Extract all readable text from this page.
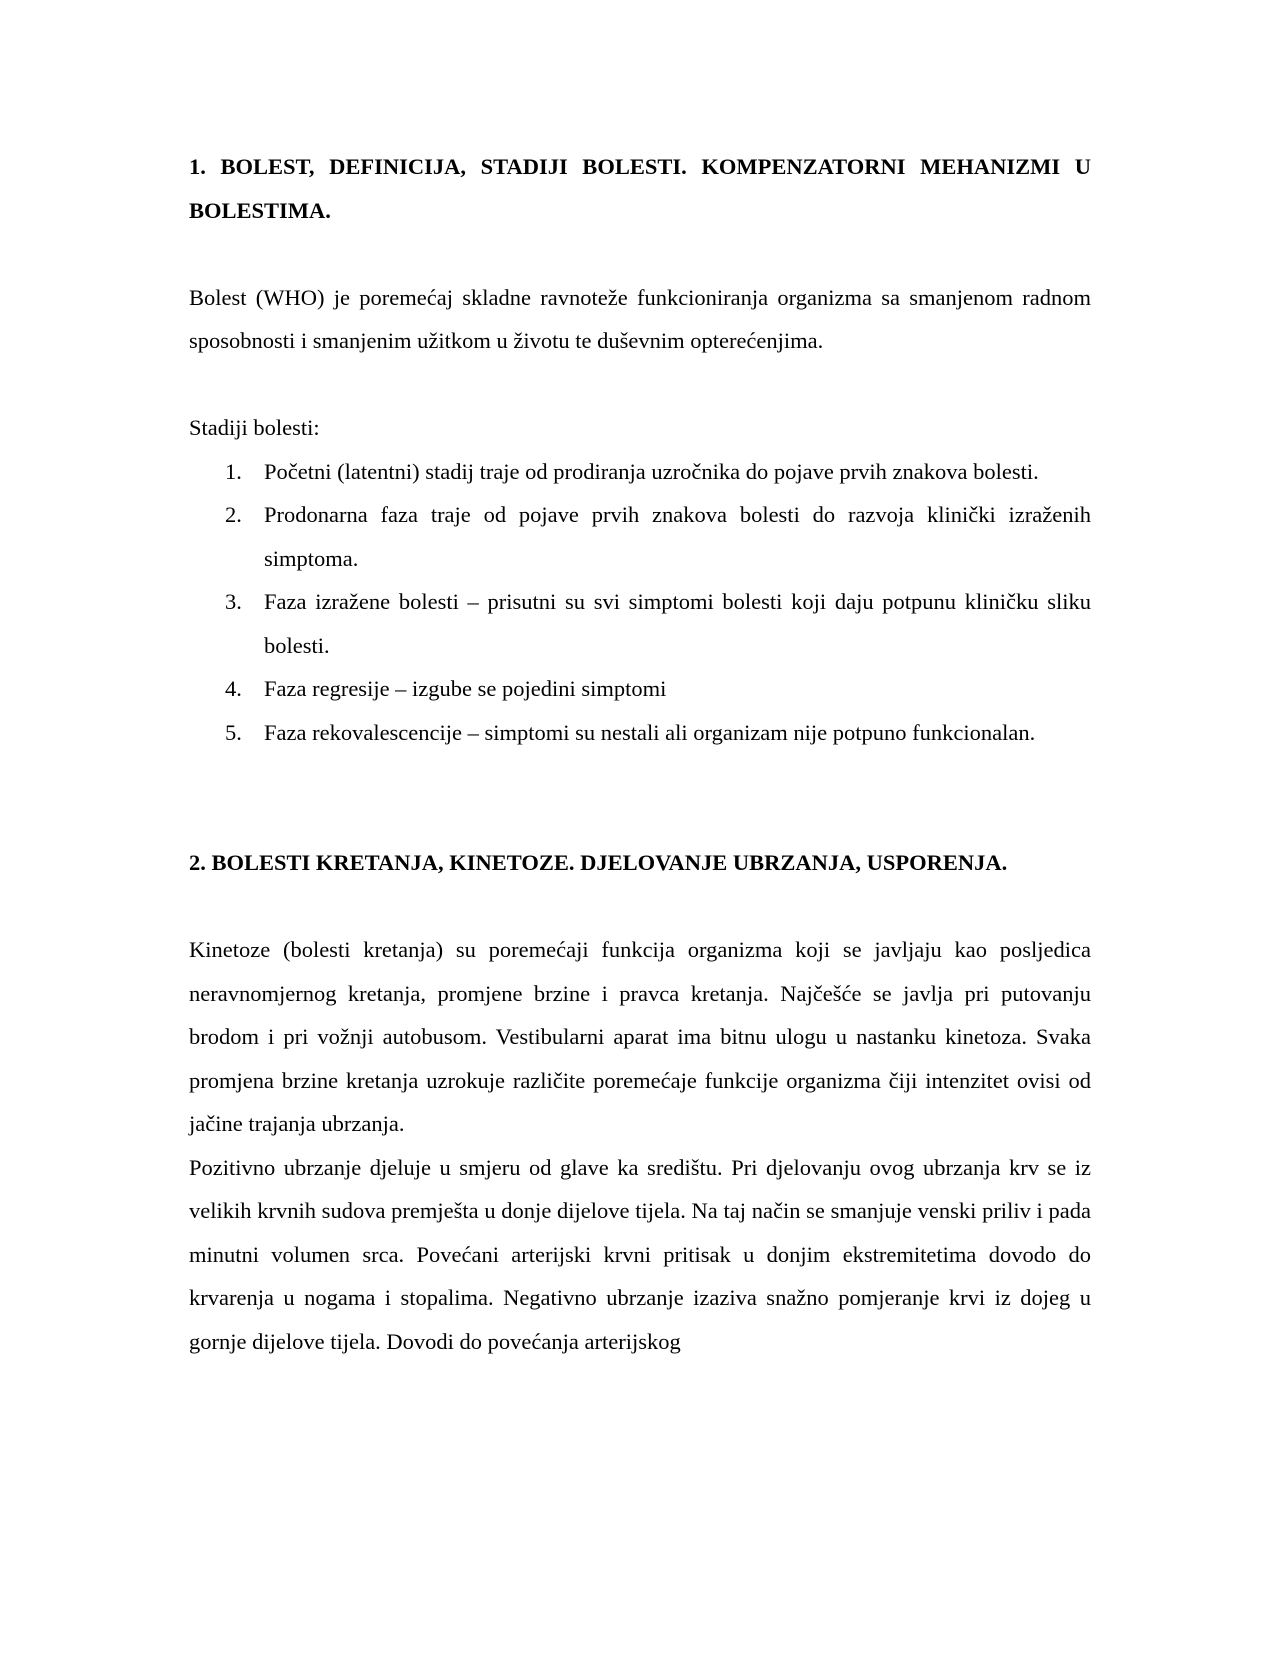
1. BOLEST, DEFINICIJA, STADIJI BOLESTI. KOMPENZATORNI MEHANIZMI U BOLESTIMA.

Bolest (WHO) je poremećaj skladne ravnoteže funkcioniranja organizma sa smanjenom radnom sposobnosti i smanjenim užitkom u životu te duševnim opterećenjima.

Stadiji bolesti:

1. Početni (latentni) stadij traje od prodiranja uzročnika do pojave prvih znakova bolesti.
2. Prodonarna faza traje od pojave prvih znakova bolesti do razvoja klinički izraženih simptoma.
3. Faza izražene bolesti – prisutni su svi simptomi bolesti koji daju potpunu kliničku sliku bolesti.
4. Faza regresije – izgube se pojedini simptomi
5. Faza rekovalescencije – simptomi su nestali ali organizam nije potpuno funkcionalan.

2. BOLESTI KRETANJA, KINETOZE. DJELOVANJE UBRZANJA, USPORENJA.

Kinetoze (bolesti kretanja) su poremećaji funkcija organizma koji se javljaju kao posljedica neravnomjernog kretanja, promjene brzine i pravca kretanja. Najčešće se javlja pri putovanju brodom i pri vožnji autobusom. Vestibularni aparat ima bitnu ulogu u nastanku kinetoza. Svaka promjena brzine kretanja uzrokuje različite poremećaje funkcije organizma čiji intenzitet ovisi od jačine trajanja ubrzanja.

Pozitivno ubrzanje djeluje u smjeru od glave ka središtu. Pri djelovanju ovog ubrzanja krv se iz velikih krvnih sudova premješta u donje dijelove tijela. Na taj način se smanjuje venski priliv i pada minutni volumen srca. Povećani arterijski krvni pritisak u donjim ekstremitetima dovodo do krvarenja u nogama i stopalima. Negativno ubrzanje izaziva snažno pomjeranje krvi iz dojeg u gornje dijelove tijela. Dovodi do povećanja arterijskog
